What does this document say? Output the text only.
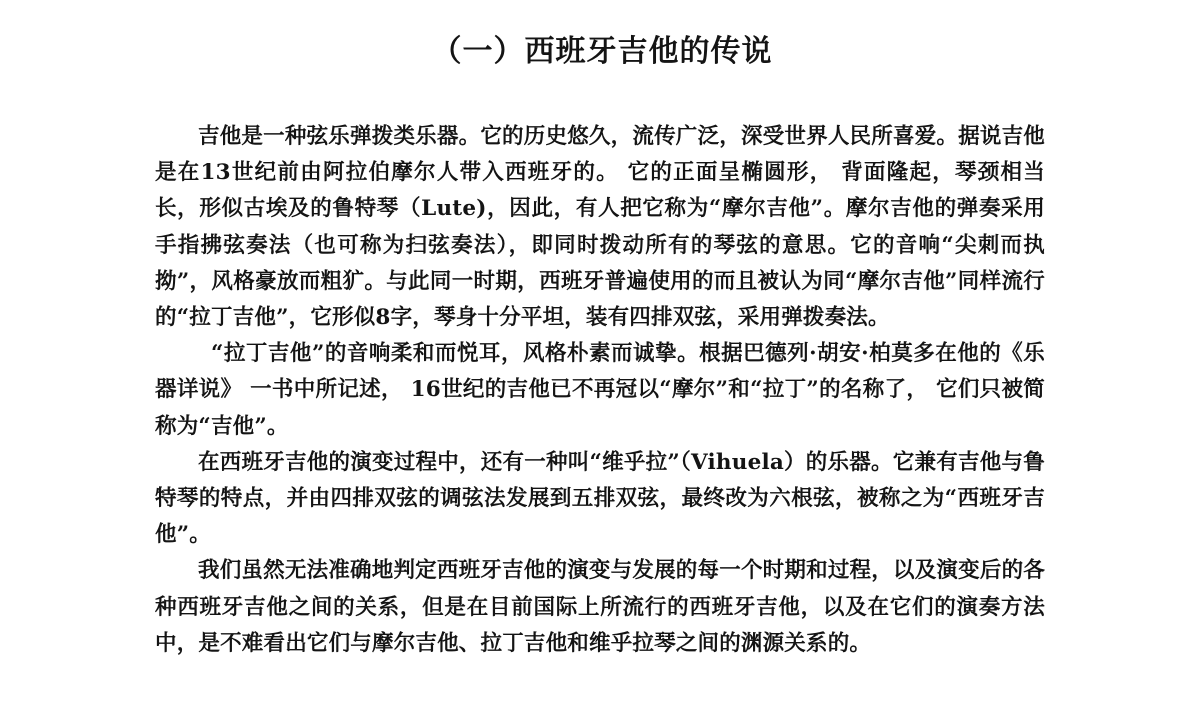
（一）西班牙吉他的传说

吉他是一种弦乐弹拨类乐器。它的历史悠久，流传广泛，深受世界人民所喜爱。据说吉他是在13世纪前由阿拉伯摩尔人带入西班牙的。 它的正面呈椭圆形， 背面隆起，琴颈相当长，形似古埃及的鲁特琴（Lute)，因此，有人把它称为“摩尔吉他”。摩尔吉他的弹奏采用手指拂弦奏法（也可称为扫弦奏法），即同时拨动所有的琴弦的意思。它的音响“尖刺而执拗”，风格豪放而粗犷。与此同一时期，西班牙普遍使用的而且被认为同“摩尔吉他”同样流行的“拉丁吉他”，它形似8字，琴身十分平坦，装有四排双弦，采用弹拨奏法。

“拉丁吉他”的音响柔和而悦耳，风格朴素而诚挚。根据巴德列·胡安·柏莫多在他的《乐器详说》 一书中所记述， 16世纪的吉他已不再冠以“摩尔”和“拉丁”的名称了， 它们只被简称为“吉他”。

在西班牙吉他的演变过程中，还有一种叫“维乎拉”（Vihuela）的乐器。它兼有吉他与鲁特琴的特点，并由四排双弦的调弦法发展到五排双弦，最终改为六根弦，被称之为“西班牙吉他”。

我们虽然无法准确地判定西班牙吉他的演变与发展的每一个时期和过程，以及演变后的各种西班牙吉他之间的关系，但是在目前国际上所流行的西班牙吉他，以及在它们的演奏方法中，是不难看出它们与摩尔吉他、拉丁吉他和维乎拉琴之间的渊源关系的。
